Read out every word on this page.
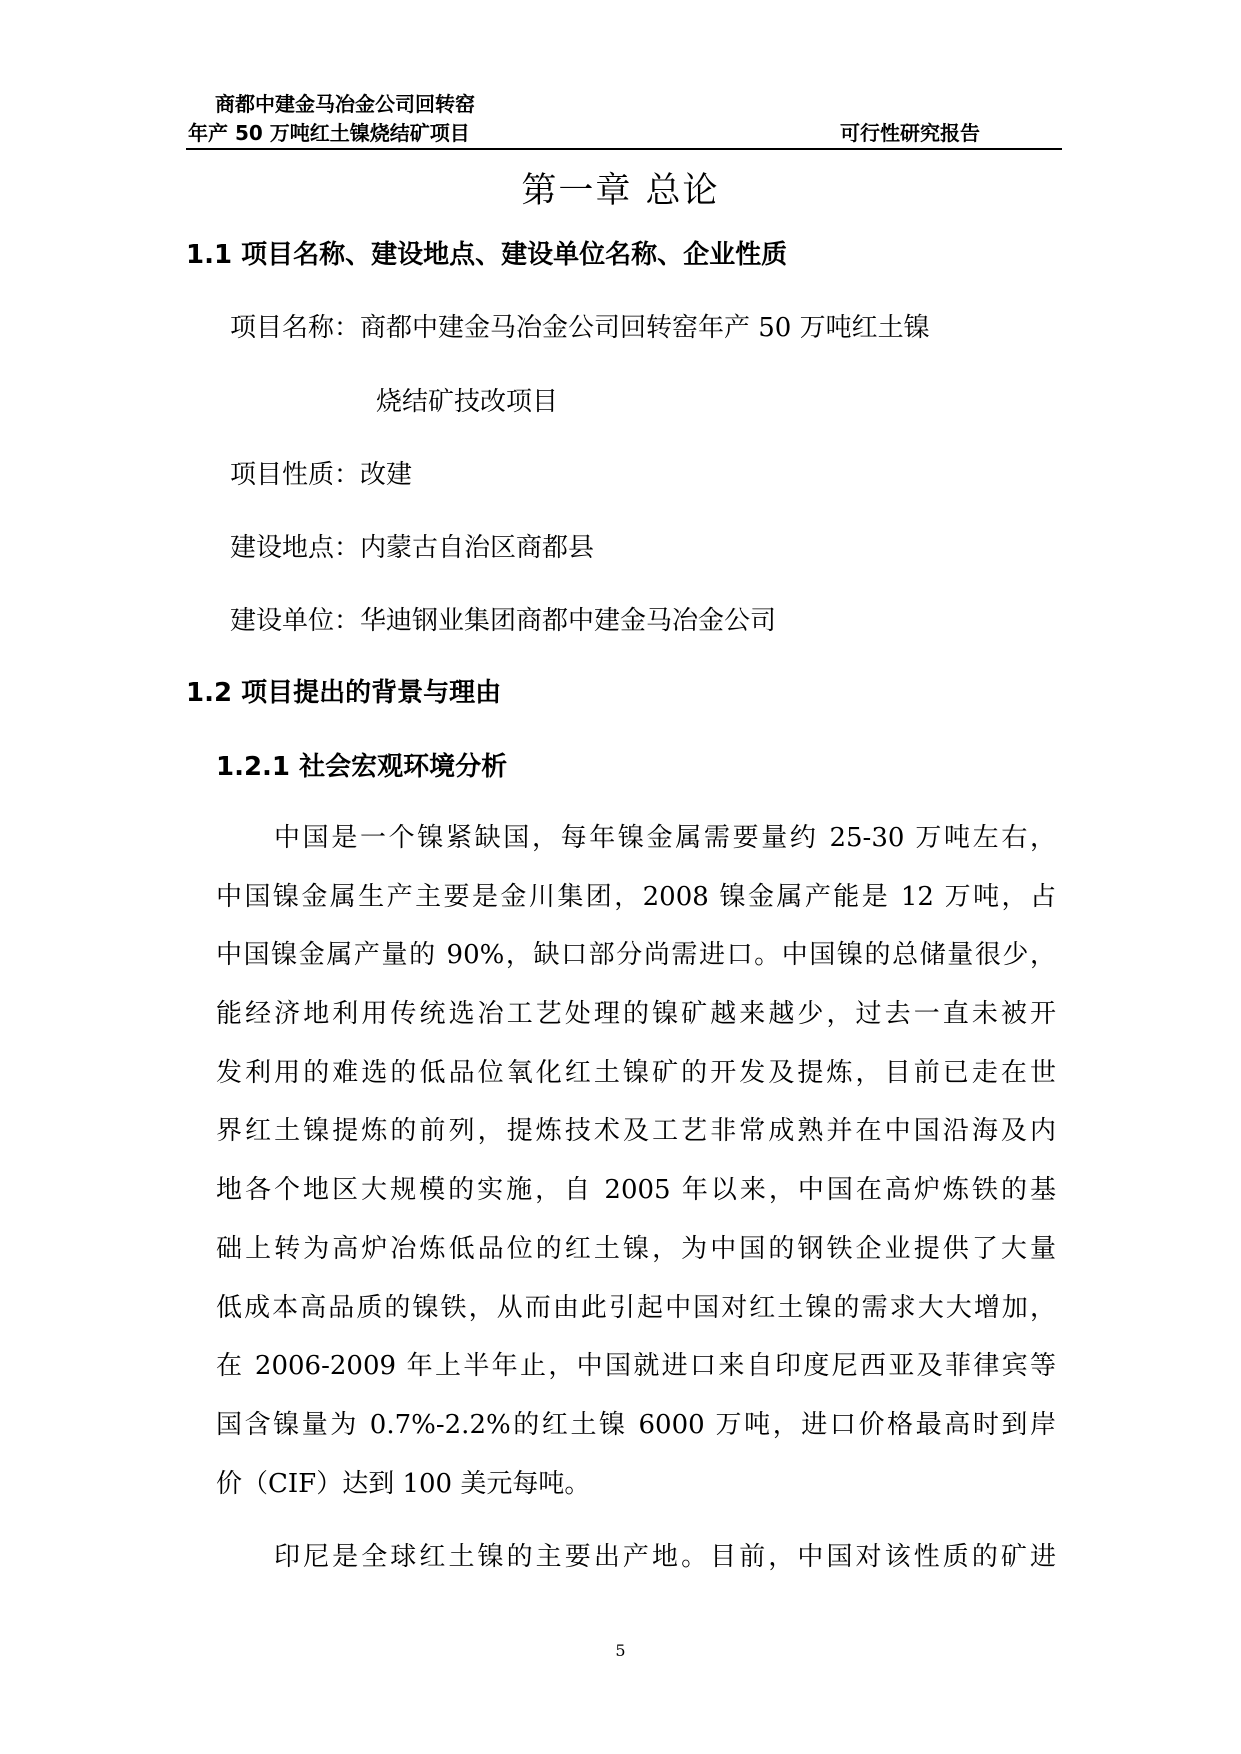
商都中建金马冶金公司回转窑
年产 50 万吨红土镍烧结矿项目	可行性研究报告
第一章 总论
1.1 项目名称、建设地点、建设单位名称、企业性质
项目名称：商都中建金马冶金公司回转窑年产 50 万吨红土镍
烧结矿技改项目
项目性质：改建
建设地点：内蒙古自治区商都县
建设单位：华迪钢业集团商都中建金马冶金公司
1.2 项目提出的背景与理由
1.2.1 社会宏观环境分析
中国是一个镍紧缺国，每年镍金属需要量约 25-30 万吨左右，
中国镍金属生产主要是金川集团，2008 镍金属产能是 12 万吨，占
中国镍金属产量的 90%，缺口部分尚需进口。中国镍的总储量很少，
能经济地利用传统选冶工艺处理的镍矿越来越少，过去一直未被开
发利用的难选的低品位氧化红土镍矿的开发及提炼，目前已走在世
界红土镍提炼的前列，提炼技术及工艺非常成熟并在中国沿海及内
地各个地区大规模的实施，自 2005 年以来，中国在高炉炼铁的基
础上转为高炉冶炼低品位的红土镍，为中国的钢铁企业提供了大量
低成本高品质的镍铁，从而由此引起中国对红土镍的需求大大增加，
在 2006-2009 年上半年止，中国就进口来自印度尼西亚及菲律宾等
国含镍量为 0.7%-2.2%的红土镍 6000 万吨，进口价格最高时到岸
价（CIF）达到 100 美元每吨。
印尼是全球红土镍的主要出产地。目前，中国对该性质的矿进
5
